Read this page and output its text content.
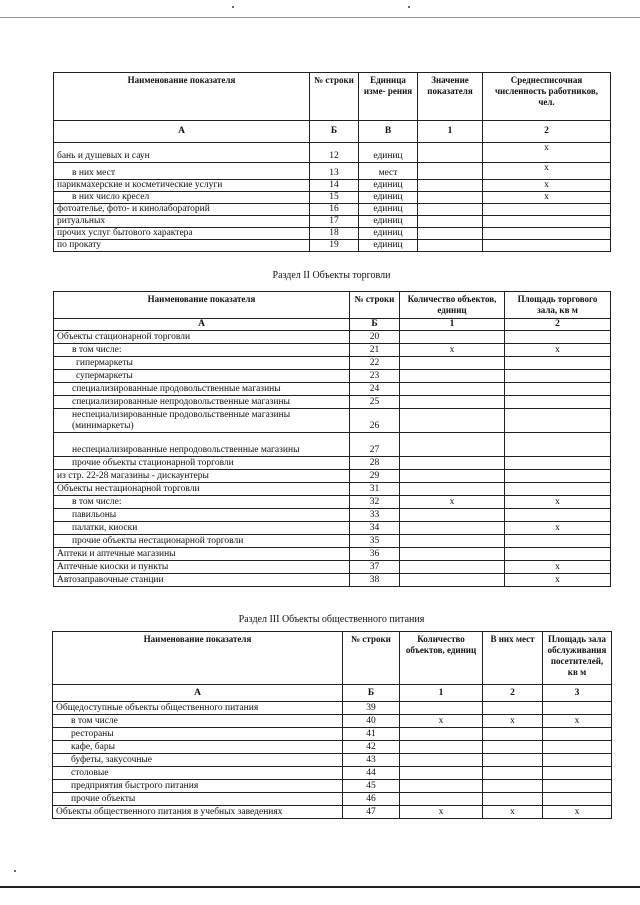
Наименование показателя	№ строки	Единица изме- рения	Значение показателя	Среднесписочная численность работников, чел.
А	Б	В	1	2
бань и душевых и саун	12	единиц		х
в них мест	13	мест		х
парикмахерские и косметические услуги	14	единиц		х
в них число кресел	15	единиц		х
фотоателье, фото- и кинолабораторий	16	единиц		
ритуальных	17	единиц		
прочих услуг бытового характера	18	единиц		
по прокату	19	единиц		
Раздел II Объекты торговли
Наименование показателя	№ строки	Количество объектов, единиц	Площадь торгового зала, кв м
А	Б	1	2
Объекты стационарной торговли	20		
в том числе:	21	х	х
гипермаркеты	22		
супермаркеты	23		
специализированные продовольственные магазины	24		
специализированные непродовольственные магазины	25		
неспециализированные продовольственные магазины (минимаркеты)	26		
неспециализированные непродовольственные магазины	27		
прочие объекты стационарной торговли	28		
из стр. 22-28 магазины - дискаунтеры	29		
Объекты нестационарной торговли	31		
в том числе:	32	х	х
павильоны	33		
палатки, киоски	34		х
прочие объекты нестационарной торговли	35		
Аптеки и аптечные магазины	36		
Аптечные киоски и пункты	37		х
Автозаправочные станции	38		х
Раздел III Объекты общественного питания
Наименование показателя	№ строки	Количество объектов, единиц	В них мест	Площадь зала обслуживания посетителей, кв м
А	Б	1	2	3
Общедоступные объекты общественного питания	39			
в том числе	40	х	х	х
рестораны	41			
кафе, бары	42			
буфеты, закусочные	43			
столовые	44			
предприятия быстрого питания	45			
прочие объекты	46			
Объекты общественного питания в учебных заведениях	47	х	х	х
